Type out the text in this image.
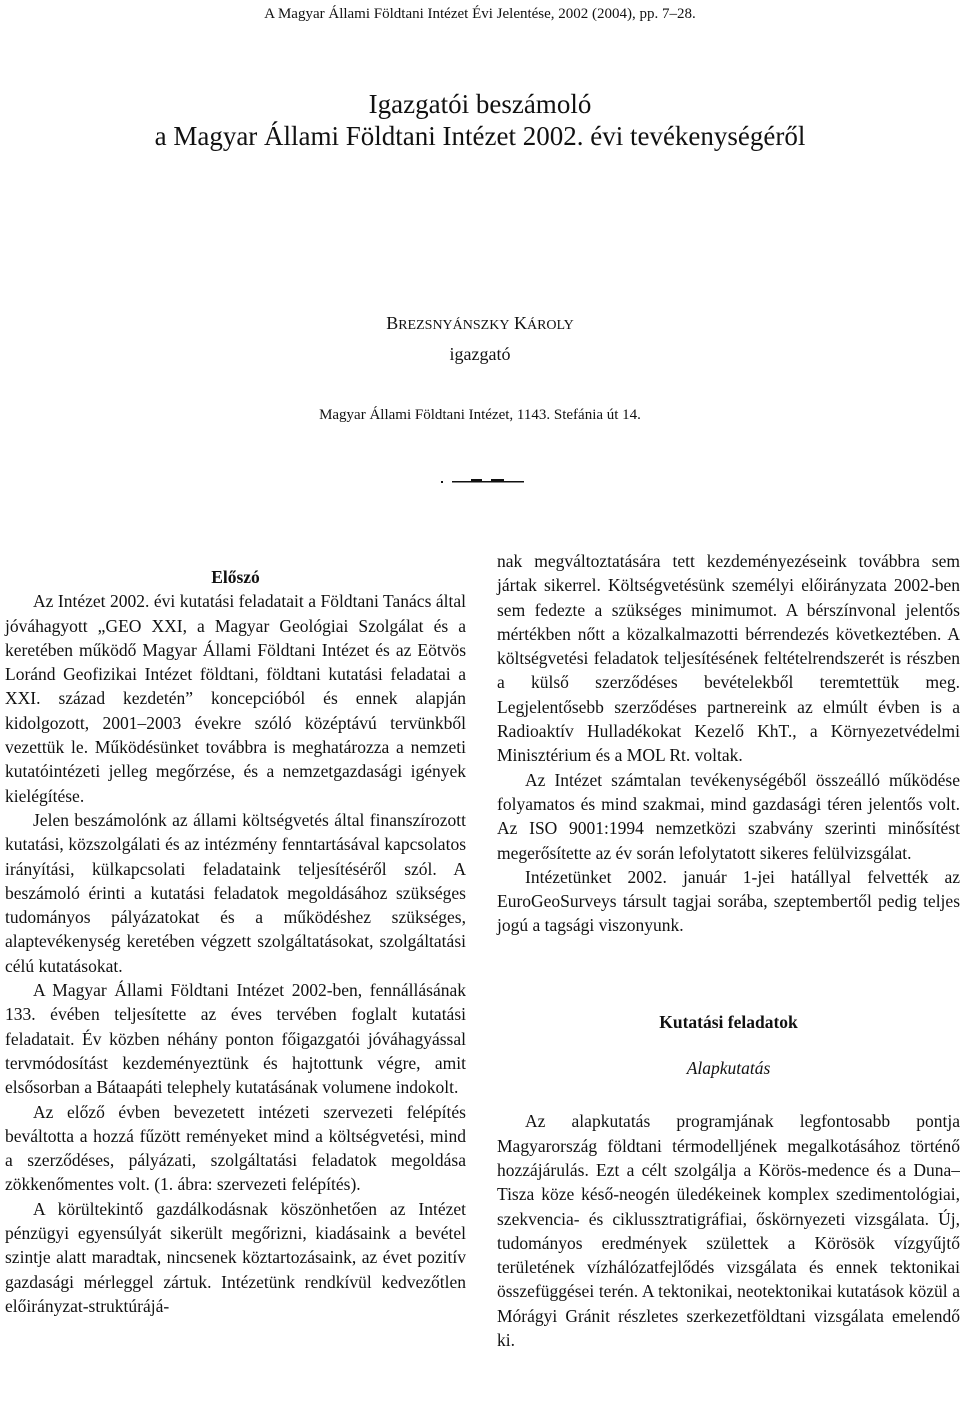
A Magyar Állami Földtani Intézet Évi Jelentése, 2002 (2004), pp. 7–28.
Igazgatói beszámoló
a Magyar Állami Földtani Intézet 2002. évi tevékenységéről
BREZSNYÁNSZKY KÁROLY
igazgató
Magyar Állami Földtani Intézet, 1143. Stefánia út 14.

Előszó

Az Intézet 2002. évi kutatási feladatait a Földtani Tanács által jóváhagyott „GEO XXI, a Magyar Geológiai Szolgálat és a keretében működő Magyar Állami Földtani Intézet és az Eötvös Loránd Geofizikai Intézet földtani, földtani kutatási feladatai a XXI. század kezdetén” koncepcióból és ennek alapján kidolgozott, 2001–2003 évekre szóló középtávú tervünkből vezettük le. Működésünket továbbra is meghatározza a nemzeti kutatóintézeti jelleg megőrzése, és a nemzetgazdasági igények kielégítése.

Jelen beszámolónk az állami költségvetés által finanszírozott kutatási, közszolgálati és az intézmény fenntartásával kapcsolatos irányítási, külkapcsolati feladataink teljesítéséről szól. A beszámoló érinti a kutatási feladatok megoldásához szükséges tudományos pályázatokat és a működéshez szükséges, alaptevékenység keretében végzett szolgáltatásokat, szolgáltatási célú kutatásokat.

A Magyar Állami Földtani Intézet 2002-ben, fennállásának 133. évében teljesítette az éves tervében foglalt kutatási feladatait. Év közben néhány ponton főigazgatói jóváhagyással tervmódosítást kezdeményeztünk és hajtottunk végre, amit elsősorban a Bátaapáti telephely kutatásának volumene indokolt.

Az előző évben bevezetett intézeti szervezeti felépítés beváltotta a hozzá fűzött reményeket mind a költségvetési, mind a szerződéses, pályázati, szolgáltatási feladatok megoldása zökkenőmentes volt. (1. ábra: szervezeti felépítés).

A körültekintő gazdálkodásnak köszönhetően az Intézet pénzügyi egyensúlyát sikerült megőrizni, kiadásaink a bevétel szintje alatt maradtak, nincsenek köztartozásaink, az évet pozitív gazdasági mérleggel zártuk. Intézetünk rendkívül kedvezőtlen előirányzat-struktúrájá-

nak megváltoztatására tett kezdeményezéseink továbbra sem jártak sikerrel. Költségvetésünk személyi előirányzata 2002-ben sem fedezte a szükséges minimumot. A bérszínvonal jelentős mértékben nőtt a közalkalmazotti bérrendezés következtében. A költségvetési feladatok teljesítésének feltételrendszerét is részben a külső szerződéses bevételekből teremtettük meg. Legjelentősebb szerződéses partnereink az elmúlt évben is a Radioaktív Hulladékokat Kezelő KhT., a Környezetvédelmi Minisztérium és a MOL Rt. voltak.

Az Intézet számtalan tevékenységéből összeálló működése folyamatos és mind szakmai, mind gazdasági téren jelentős volt. Az ISO 9001:1994 nemzetközi szabvány szerinti minősítést megerősítette az év során lefolytatott sikeres felülvizsgálat.

Intézetünket 2002. január 1-jei hatállyal felvették az EuroGeoSurveys társult tagjai sorába, szeptembertől pedig teljes jogú a tagsági viszonyunk.

Kutatási feladatok

Alapkutatás

Az alapkutatás programjának legfontosabb pontja Magyarország földtani térmodelljének megalkotásához történő hozzájárulás. Ezt a célt szolgálja a Körös-medence és a Duna–Tisza köze késő-neogén üledékeinek komplex szedimentológiai, szekvencia- és ciklussztratigráfiai, őskörnyezeti vizsgálata. Új, tudományos eredmények születtek a Körösök vízgyűjtő területének vízhálózatfejlődés vizsgálata és ennek tektonikai összefüggései terén. A tektonikai, neotektonikai kutatások közül a Mórágyi Gránit részletes szerkezetföldtani vizsgálata emelendő ki.
